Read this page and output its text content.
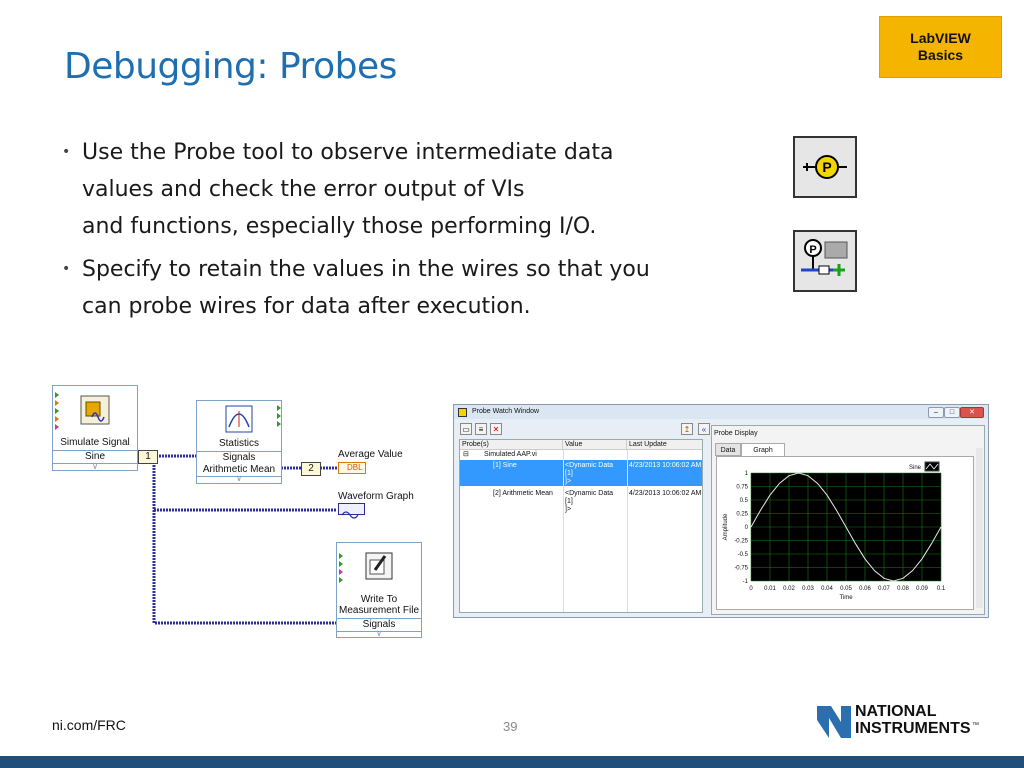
Debugging: Probes
LabVIEW
Basics
• Use the Probe tool to observe intermediate data
values and check the error output of VIs
and functions, especially those performing I/O.
• Specify to retain the values in the wires so that you
can probe wires for data after execution.
P
P
Simulate Signal
Sine
∨
1
Statistics
Signals
Arithmetic Mean
∨
2
Average Value
DBL
Waveform Graph
Write To
Measurement File
Signals
∨
Probe Watch Window	–	□	✕
▭	≡	✕	↥	«
Probe(s)	Value	Last Update
⊟ Simulated AAP.vi
[1] Sine	<Dynamic Data
[1]
]>
4/23/2013 10:06:02 AM
[2] Arithmetic Mean <Dynamic Data
[1]
]>
4/23/2013 10:06:02 AM
Probe Display
Data	Graph
0 0.01 0.02 0.03 0.04 0.05 0.06 0.07 0.08 0.09 0.1
1
0.75
0.5
0.25
0
-0.25
-0.5
-0.75
-1
Time
Amplitude
Sine
ni.com/FRC	39
NATIONAL
INSTRUMENTS ™
